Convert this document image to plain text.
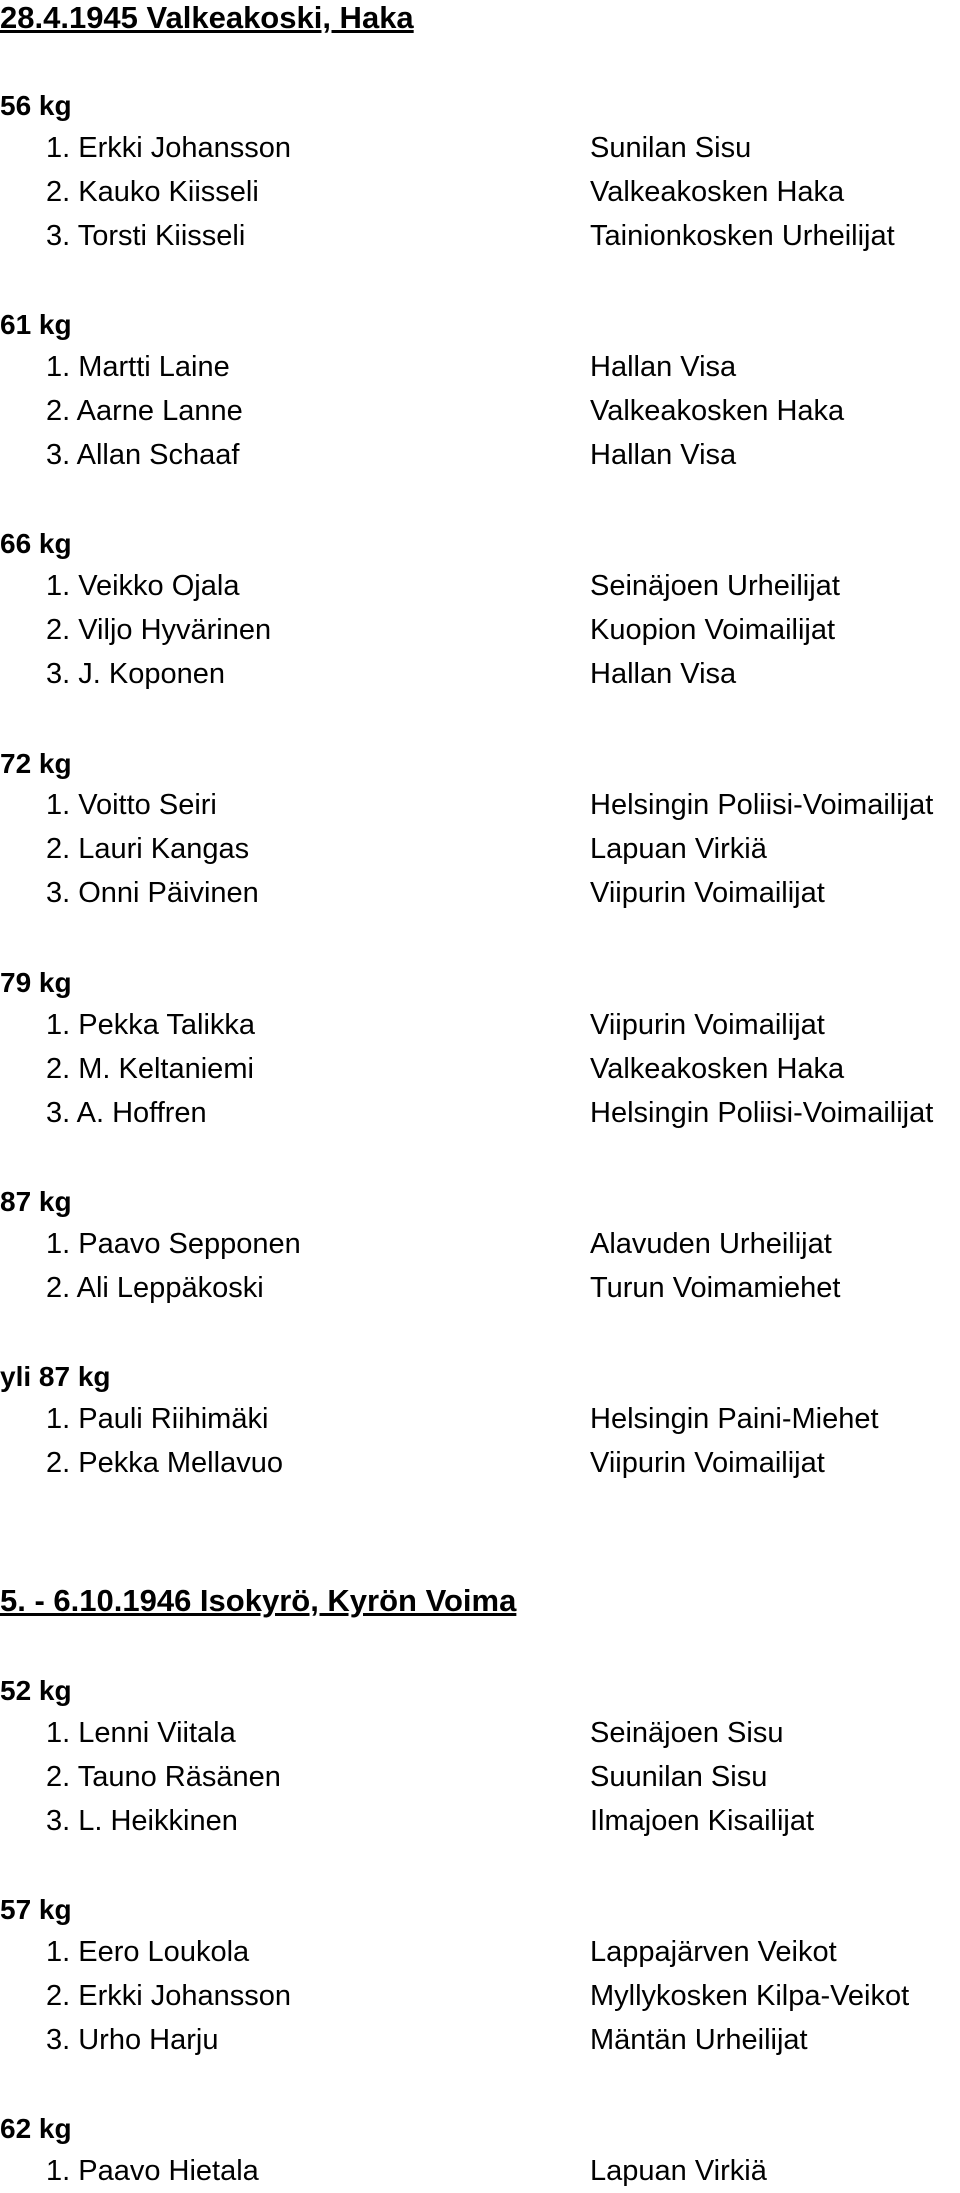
28.4.1945 Valkeakoski, Haka
56 kg
1. Erkki Johansson	Sunilan Sisu
2. Kauko Kiisseli	Valkeakosken Haka
3. Torsti Kiisseli	Tainionkosken Urheilijat
61 kg
1. Martti Laine	Hallan Visa
2. Aarne Lanne	Valkeakosken Haka
3. Allan Schaaf	Hallan Visa
66 kg
1. Veikko Ojala	Seinäjoen Urheilijat
2. Viljo Hyvärinen	Kuopion Voimailijat
3. J. Koponen	Hallan Visa
72 kg
1. Voitto Seiri	Helsingin Poliisi-Voimailijat
2. Lauri Kangas	Lapuan Virkiä
3. Onni Päivinen	Viipurin Voimailijat
79 kg
1. Pekka Talikka	Viipurin Voimailijat
2. M. Keltaniemi	Valkeakosken Haka
3. A. Hoffren	Helsingin Poliisi-Voimailijat
87 kg
1. Paavo Sepponen	Alavuden Urheilijat
2. Ali Leppäkoski	Turun Voimamiehet
yli 87 kg
1. Pauli Riihimäki	Helsingin Paini-Miehet
2. Pekka Mellavuo	Viipurin Voimailijat
5. - 6.10.1946 Isokyrö, Kyrön Voima
52 kg
1. Lenni Viitala	Seinäjoen Sisu
2. Tauno Räsänen	Suunilan Sisu
3. L. Heikkinen	Ilmajoen Kisailijat
57 kg
1. Eero Loukola	Lappajärven Veikot
2. Erkki Johansson	Myllykosken Kilpa-Veikot
3. Urho Harju	Mäntän Urheilijat
62 kg
1. Paavo Hietala	Lapuan Virkiä
